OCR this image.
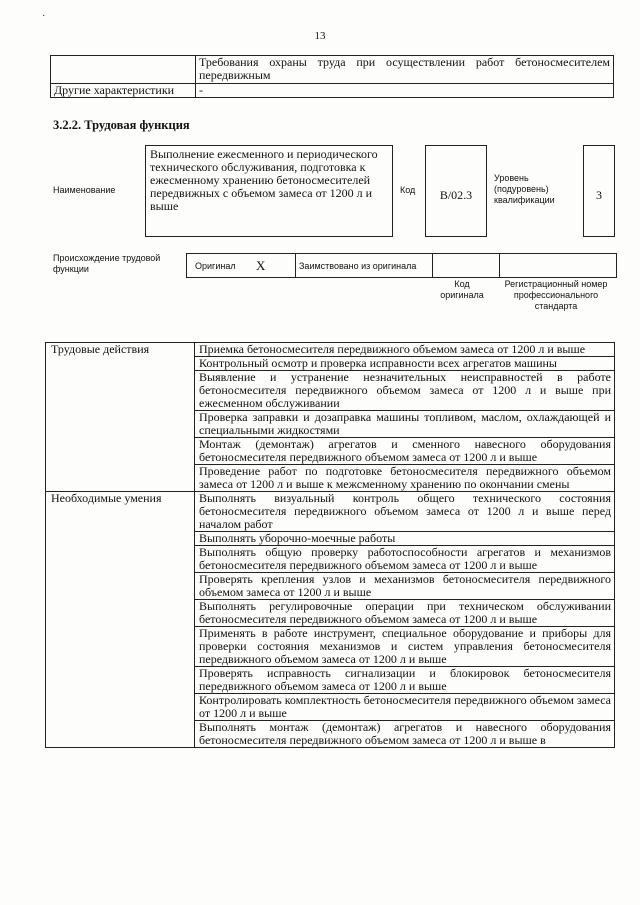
˙
13
	Требования охраны труда при осуществлении работ бетоносмесителем передвижным
Другие характеристики	-
3.2.2. Трудовая функция
Наименование
Выполнение ежесменного и периодического технического обслуживания, подготовка к ежесменному хранению бетоносмесителей передвижных с объемом замеса от 1200 л и выше
Код	B/02.3
Уровень (подуровень) квалификации	3
Происхождение трудовой функции	Оригинал	X	Заимствовано из оригинала		
Код оригинала
Регистрационный номер профессионального стандарта
Трудовые действия	Приемка бетоносмесителя передвижного объемом замеса от 1200 л и выше
	Контрольный осмотр и проверка исправности всех агрегатов машины
	Выявление и устранение незначительных неисправностей в работе бетоносмесителя передвижного объемом замеса от 1200 л и выше при ежесменном обслуживании
	Проверка заправки и дозаправка машины топливом, маслом, охлаждающей и специальными жидкостями
	Монтаж (демонтаж) агрегатов и сменного навесного оборудования бетоносмесителя передвижного объемом замеса от 1200 л и выше
	Проведение работ по подготовке бетоносмесителя передвижного объемом замеса от 1200 л и выше к межсменному хранению по окончании смены
Необходимые умения	Выполнять визуальный контроль общего технического состояния бетоносмесителя передвижного объемом замеса от 1200 л и выше перед началом работ
	Выполнять уборочно-моечные работы
	Выполнять общую проверку работоспособности агрегатов и механизмов бетоносмесителя передвижного объемом замеса от 1200 л и выше
	Проверять крепления узлов и механизмов бетоносмесителя передвижного объемом замеса от 1200 л и выше
	Выполнять регулировочные операции при техническом обслуживании бетоносмесителя передвижного объемом замеса от 1200 л и выше
	Применять в работе инструмент, специальное оборудование и приборы для проверки состояния механизмов и систем управления бетоносмесителя передвижного объемом замеса от 1200 л и выше
	Проверять исправность сигнализации и блокировок бетоносмесителя передвижного объемом замеса от 1200 л и выше
	Контролировать комплектность бетоносмесителя передвижного объемом замеса от 1200 л и выше
	Выполнять монтаж (демонтаж) агрегатов и навесного оборудования бетоносмесителя передвижного объемом замеса от 1200 л и выше в
